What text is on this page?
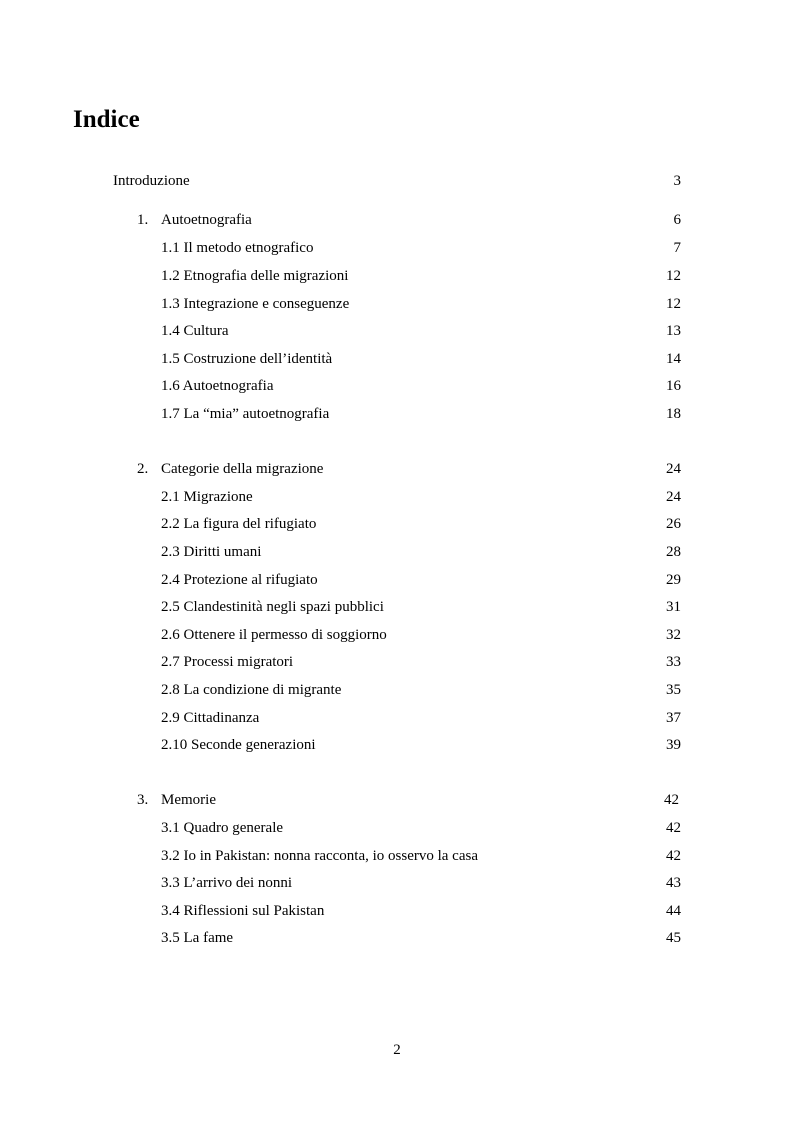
Indice
Introduzione	3
1. Autoetnografia	6
1.1 Il metodo etnografico	7
1.2 Etnografia delle migrazioni	12
1.3 Integrazione e conseguenze	12
1.4 Cultura	13
1.5 Costruzione dell’identità	14
1.6 Autoetnografia	16
1.7 La “mia” autoetnografia	18
2. Categorie della migrazione	24
2.1 Migrazione	24
2.2 La figura del rifugiato	26
2.3 Diritti umani	28
2.4 Protezione al rifugiato	29
2.5 Clandestinità negli spazi pubblici	31
2.6 Ottenere il permesso di soggiorno	32
2.7 Processi migratori	33
2.8 La condizione di migrante	35
2.9 Cittadinanza	37
2.10 Seconde generazioni	39
3. Memorie	42
3.1 Quadro generale	42
3.2 Io in Pakistan: nonna racconta, io osservo la casa	42
3.3 L’arrivo dei nonni	43
3.4 Riflessioni sul Pakistan	44
3.5 La fame	45
2
